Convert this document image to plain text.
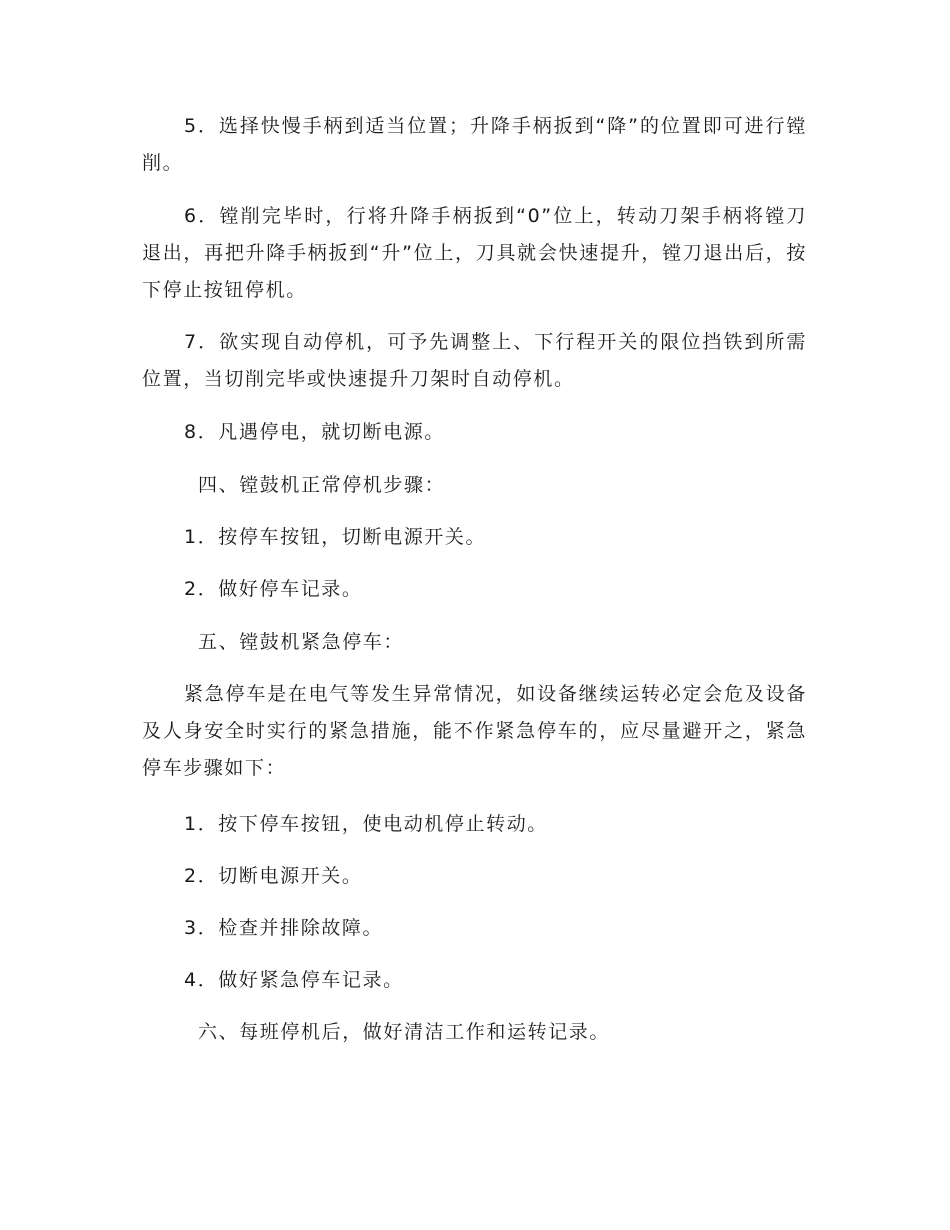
5．选择快慢手柄到适当位置；升降手柄扳到“降”的位置即可进行镗削。

6．镗削完毕时，行将升降手柄扳到“0”位上，转动刀架手柄将镗刀退出，再把升降手柄扳到“升”位上，刀具就会快速提升，镗刀退出后，按下停止按钮停机。

7．欲实现自动停机，可予先调整上、下行程开关的限位挡铁到所需位置，当切削完毕或快速提升刀架时自动停机。

8．凡遇停电，就切断电源。

四、镗鼓机正常停机步骤：

1．按停车按钮，切断电源开关。

2．做好停车记录。

五、镗鼓机紧急停车：

紧急停车是在电气等发生异常情况，如设备继续运转必定会危及设备及人身安全时实行的紧急措施，能不作紧急停车的，应尽量避开之，紧急停车步骤如下：

1．按下停车按钮，使电动机停止转动。

2．切断电源开关。

3．检查并排除故障。

4．做好紧急停车记录。

六、每班停机后，做好清洁工作和运转记录。
